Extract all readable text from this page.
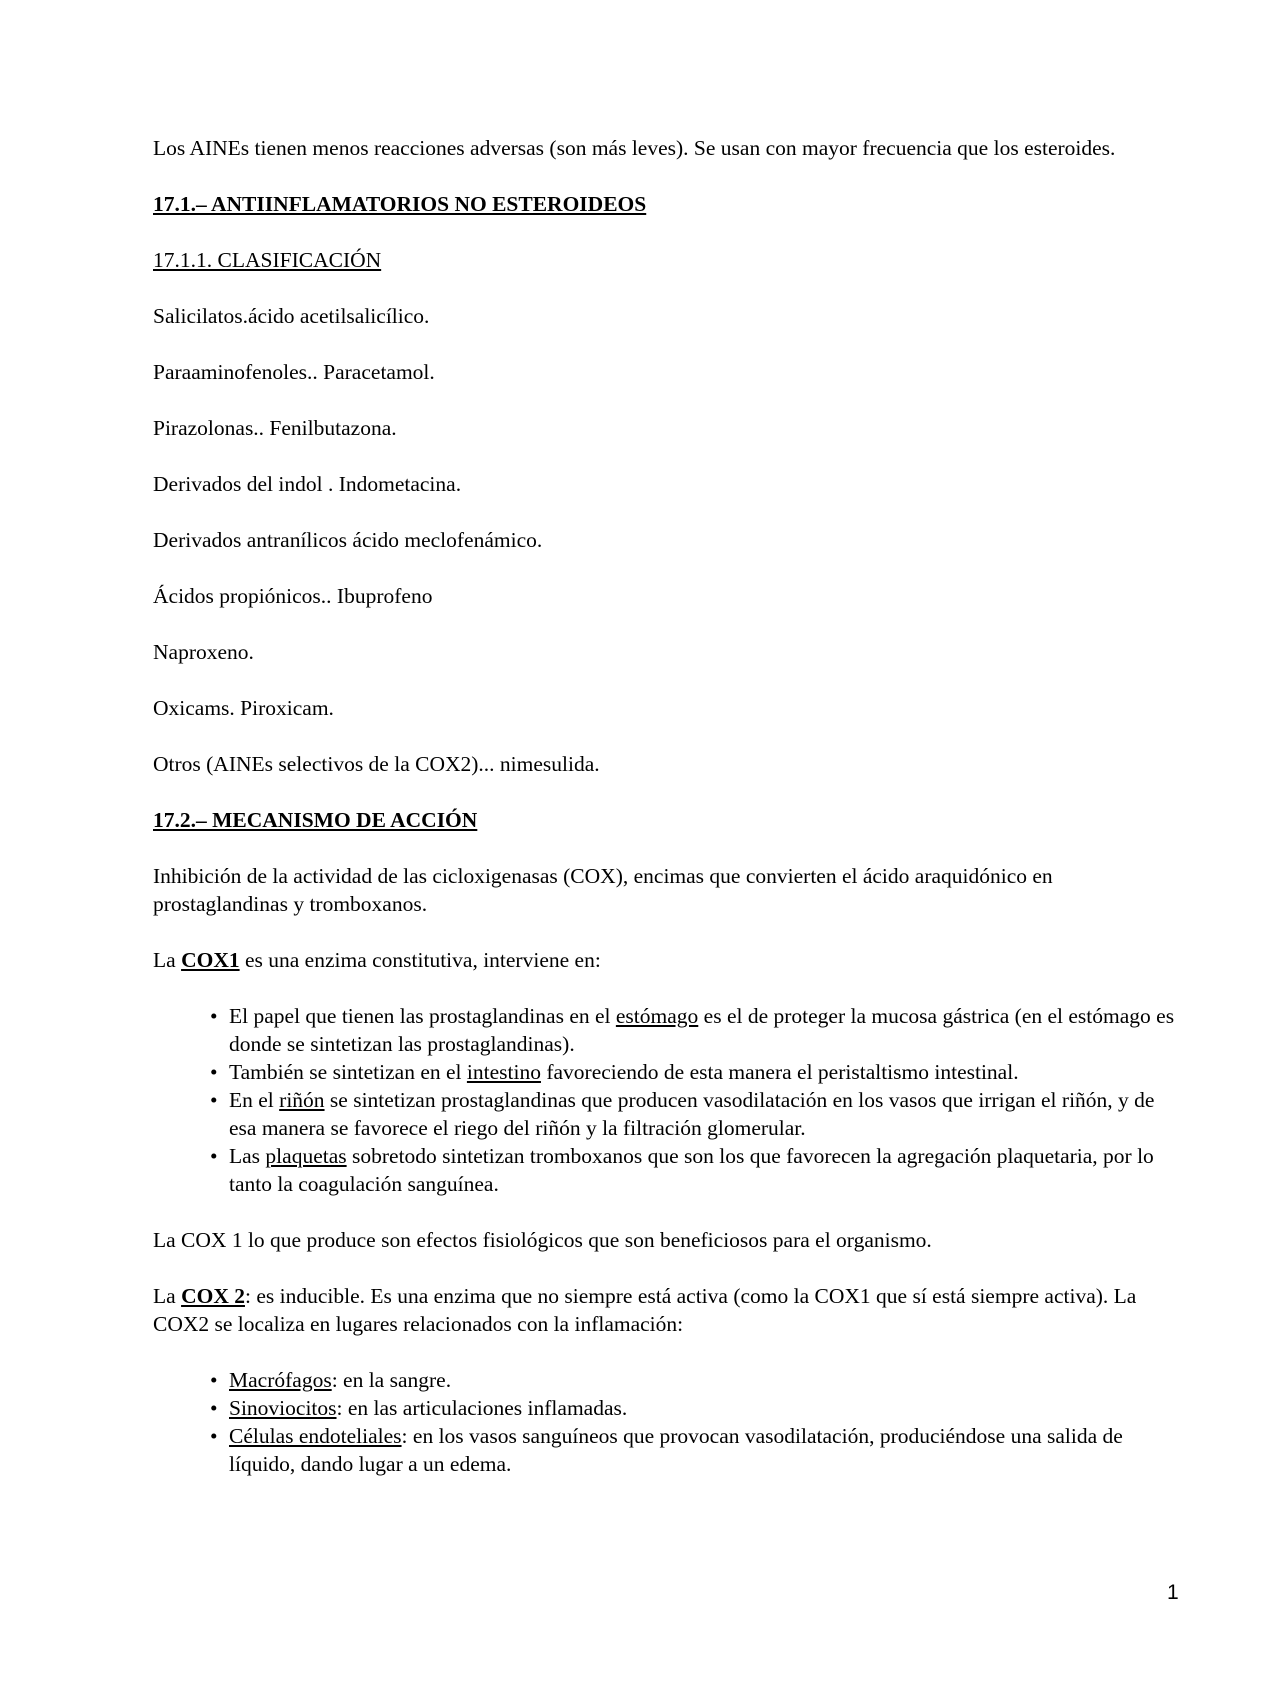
Los AINEs tienen menos reacciones adversas (son más leves). Se usan con mayor frecuencia que los esteroides.

17.1.– ANTIINFLAMATORIOS NO ESTEROIDEOS

17.1.1. CLASIFICACIÓN

Salicilatos.ácido acetilsalicílico.

Paraaminofenoles.. Paracetamol.

Pirazolonas.. Fenilbutazona.

Derivados del indol . Indometacina.

Derivados antranílicos ácido meclofenámico.

Ácidos propiónicos.. Ibuprofeno

Naproxeno.

Oxicams. Piroxicam.

Otros (AINEs selectivos de la COX2)... nimesulida.

17.2.– MECANISMO DE ACCIÓN

Inhibición de la actividad de las cicloxigenasas (COX), encimas que convierten el ácido araquidónico en prostaglandinas y tromboxanos.

La COX1 es una enzima constitutiva, interviene en:

• El papel que tienen las prostaglandinas en el estómago es el de proteger la mucosa gástrica (en el estómago es donde se sintetizan las prostaglandinas).
• También se sintetizan en el intestino favoreciendo de esta manera el peristaltismo intestinal.
• En el riñón se sintetizan prostaglandinas que producen vasodilatación en los vasos que irrigan el riñón, y de esa manera se favorece el riego del riñón y la filtración glomerular.
• Las plaquetas sobretodo sintetizan tromboxanos que son los que favorecen la agregación plaquetaria, por lo tanto la coagulación sanguínea.

La COX 1 lo que produce son efectos fisiológicos que son beneficiosos para el organismo.

La COX 2: es inducible. Es una enzima que no siempre está activa (como la COX1 que sí está siempre activa). La COX2 se localiza en lugares relacionados con la inflamación:

• Macrófagos: en la sangre.
• Sinoviocitos: en las articulaciones inflamadas.
• Células endoteliales: en los vasos sanguíneos que provocan vasodilatación, produciéndose una salida de líquido, dando lugar a un edema.
1
